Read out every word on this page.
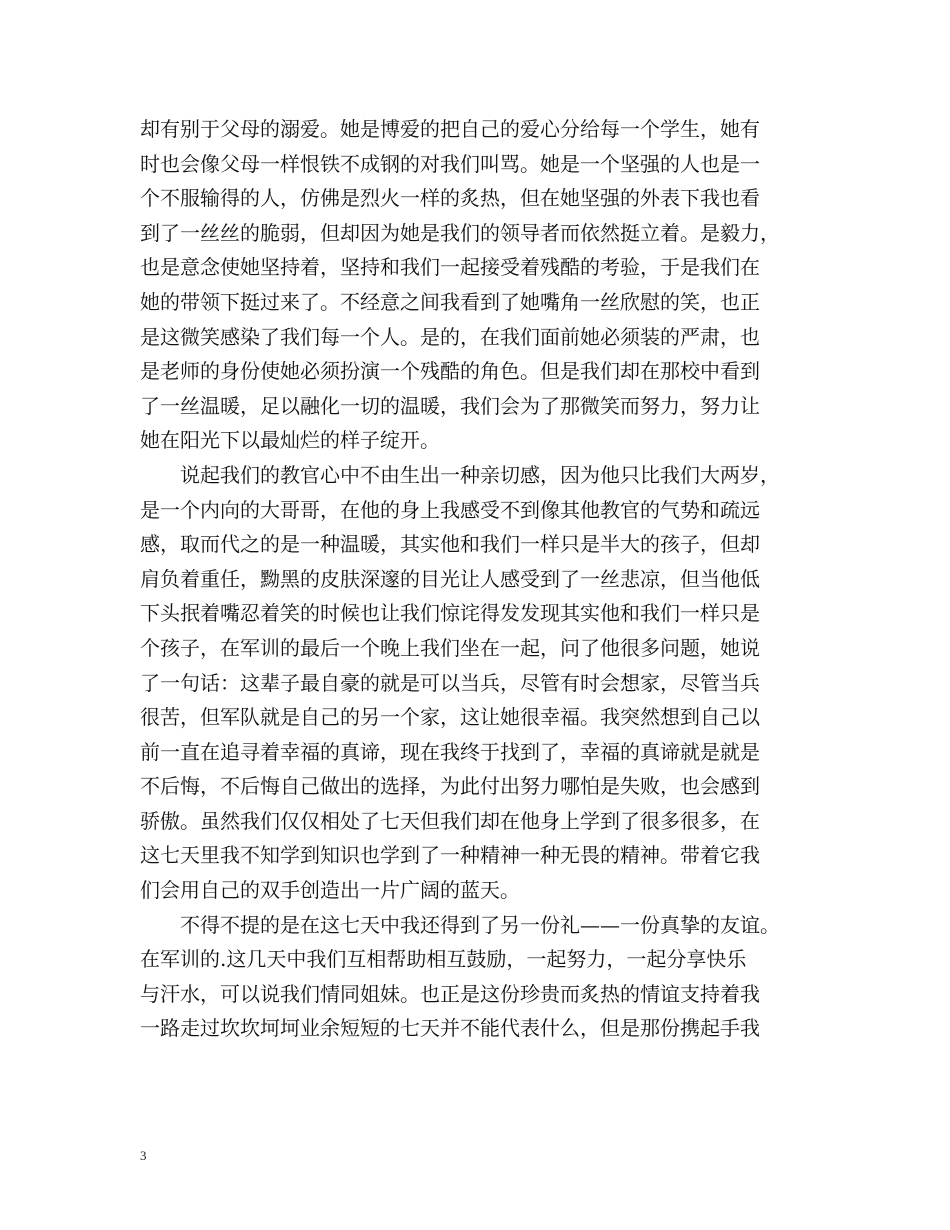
却有别于父母的溺爱。她是博爱的把自己的爱心分给每一个学生，她有
时也会像父母一样恨铁不成钢的对我们叫骂。她是一个坚强的人也是一
个不服输得的人，仿佛是烈火一样的炙热，但在她坚强的外表下我也看
到了一丝丝的脆弱，但却因为她是我们的领导者而依然挺立着。是毅力，
也是意念使她坚持着，坚持和我们一起接受着残酷的考验，于是我们在
她的带领下挺过来了。不经意之间我看到了她嘴角一丝欣慰的笑，也正
是这微笑感染了我们每一个人。是的，在我们面前她必须装的严肃，也
是老师的身份使她必须扮演一个残酷的角色。但是我们却在那校中看到
了一丝温暖，足以融化一切的温暖，我们会为了那微笑而努力，努力让
她在阳光下以最灿烂的样子绽开。
说起我们的教官心中不由生出一种亲切感，因为他只比我们大两岁，
是一个内向的大哥哥，在他的身上我感受不到像其他教官的气势和疏远
感，取而代之的是一种温暖，其实他和我们一样只是半大的孩子，但却
肩负着重任，黝黑的皮肤深邃的目光让人感受到了一丝悲凉，但当他低
下头抿着嘴忍着笑的时候也让我们惊诧得发发现其实他和我们一样只是
个孩子，在军训的最后一个晚上我们坐在一起，问了他很多问题，她说
了一句话：这辈子最自豪的就是可以当兵，尽管有时会想家，尽管当兵
很苦，但军队就是自己的另一个家，这让她很幸福。我突然想到自己以
前一直在追寻着幸福的真谛，现在我终于找到了，幸福的真谛就是就是
不后悔，不后悔自己做出的选择，为此付出努力哪怕是失败，也会感到
骄傲。虽然我们仅仅相处了七天但我们却在他身上学到了很多很多，在
这七天里我不知学到知识也学到了一种精神一种无畏的精神。带着它我
们会用自己的双手创造出一片广阔的蓝天。
不得不提的是在这七天中我还得到了另一份礼——一份真挚的友谊。
在军训的.这几天中我们互相帮助相互鼓励，一起努力，一起分享快乐
与汗水，可以说我们情同姐妹。也正是这份珍贵而炙热的情谊支持着我
一路走过坎坎坷坷业余短短的七天并不能代表什么，但是那份携起手我
3
